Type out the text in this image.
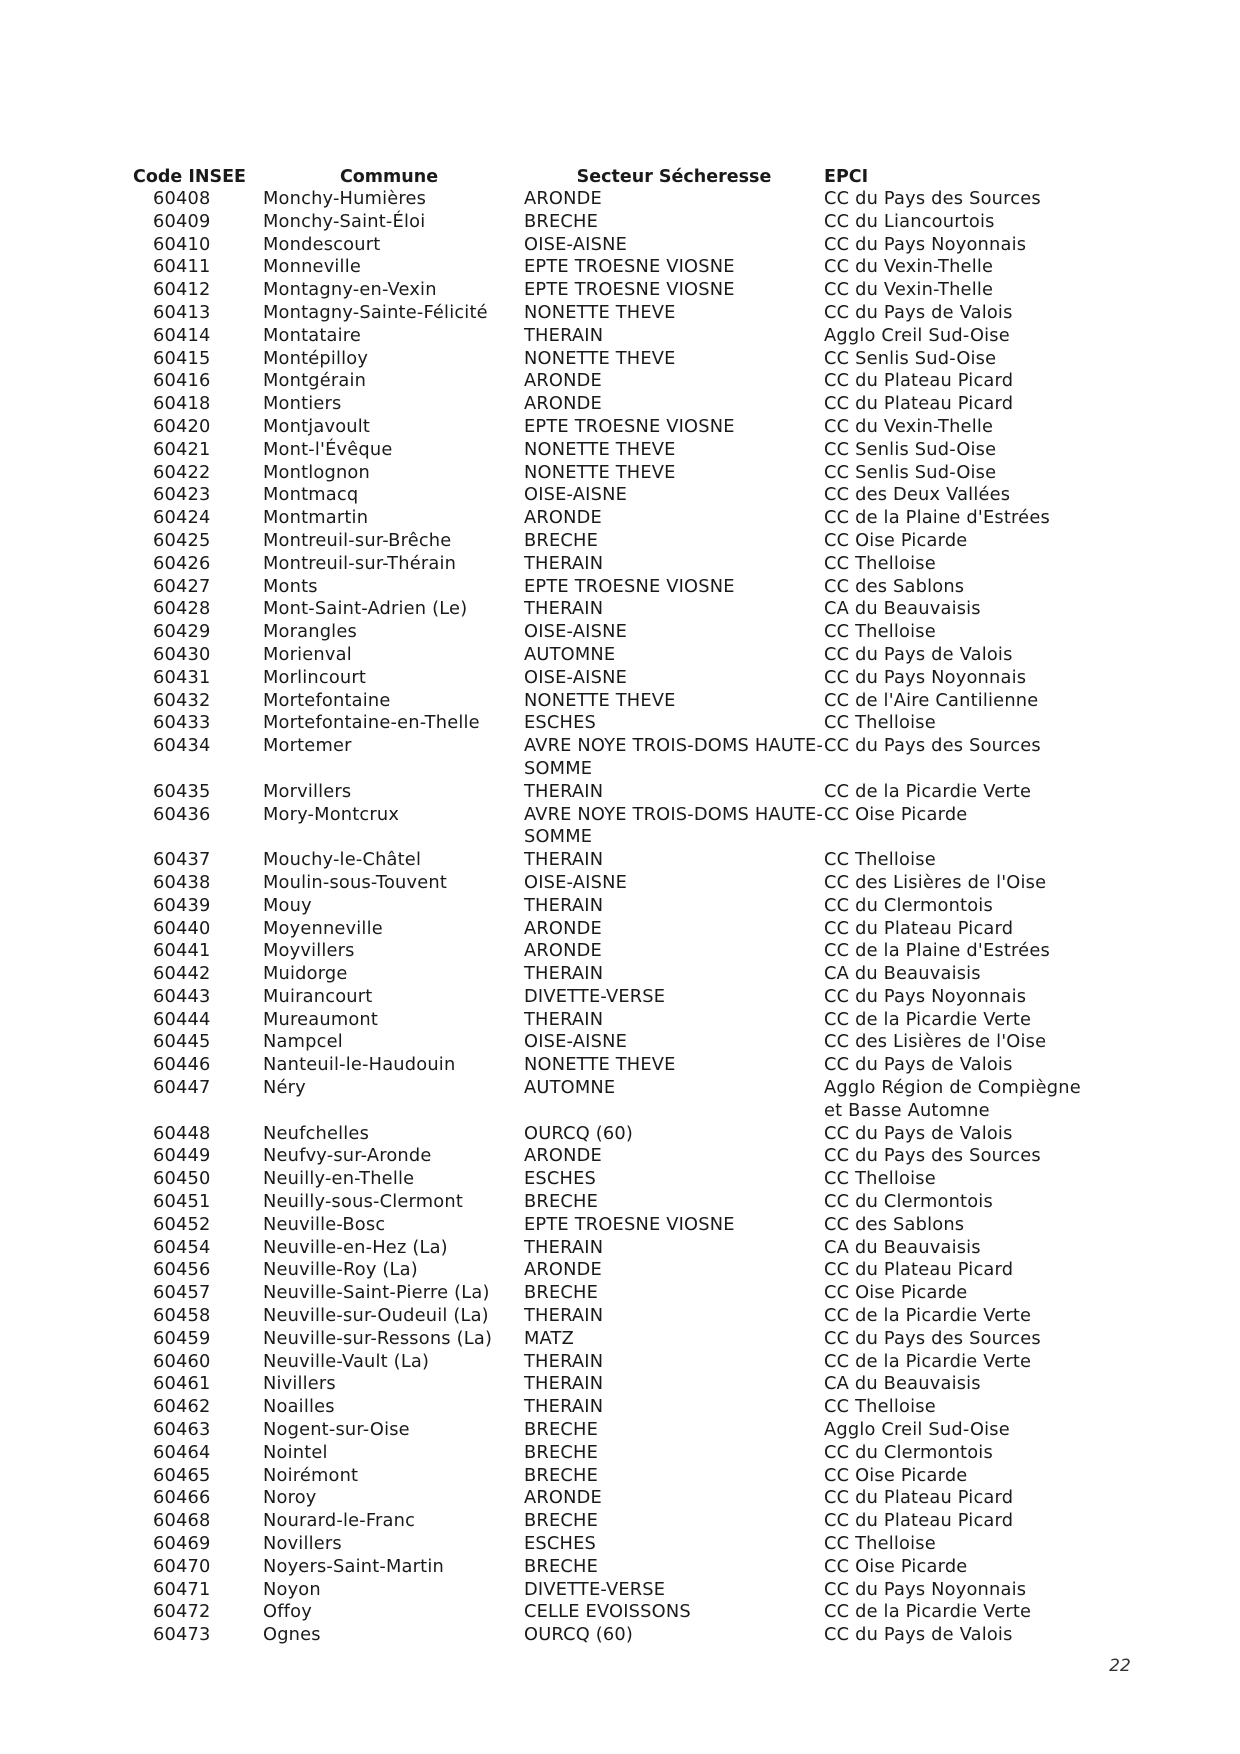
Code INSEE	Commune	Secteur Sécheresse	EPCI
60408	Monchy-Humières	ARONDE	CC du Pays des Sources
60409	Monchy-Saint-Éloi	BRECHE	CC du Liancourtois
60410	Mondescourt	OISE-AISNE	CC du Pays Noyonnais
60411	Monneville	EPTE TROESNE VIOSNE	CC du Vexin-Thelle
60412	Montagny-en-Vexin	EPTE TROESNE VIOSNE	CC du Vexin-Thelle
60413	Montagny-Sainte-Félicité	NONETTE THEVE	CC du Pays de Valois
60414	Montataire	THERAIN	Agglo Creil Sud-Oise
60415	Montépilloy	NONETTE THEVE	CC Senlis Sud-Oise
60416	Montgérain	ARONDE	CC du Plateau Picard
60418	Montiers	ARONDE	CC du Plateau Picard
60420	Montjavoult	EPTE TROESNE VIOSNE	CC du Vexin-Thelle
60421	Mont-l'Évêque	NONETTE THEVE	CC Senlis Sud-Oise
60422	Montlognon	NONETTE THEVE	CC Senlis Sud-Oise
60423	Montmacq	OISE-AISNE	CC des Deux Vallées
60424	Montmartin	ARONDE	CC de la Plaine d'Estrées
60425	Montreuil-sur-Brêche	BRECHE	CC Oise Picarde
60426	Montreuil-sur-Thérain	THERAIN	CC Thelloise
60427	Monts	EPTE TROESNE VIOSNE	CC des Sablons
60428	Mont-Saint-Adrien (Le)	THERAIN	CA du Beauvaisis
60429	Morangles	OISE-AISNE	CC Thelloise
60430	Morienval	AUTOMNE	CC du Pays de Valois
60431	Morlincourt	OISE-AISNE	CC du Pays Noyonnais
60432	Mortefontaine	NONETTE THEVE	CC de l'Aire Cantilienne
60433	Mortefontaine-en-Thelle	ESCHES	CC Thelloise
60434	Mortemer	AVRE NOYE TROIS-DOMS HAUTE-SOMME	CC du Pays des Sources
60435	Morvillers	THERAIN	CC de la Picardie Verte
60436	Mory-Montcrux	AVRE NOYE TROIS-DOMS HAUTE-SOMME	CC Oise Picarde
60437	Mouchy-le-Châtel	THERAIN	CC Thelloise
60438	Moulin-sous-Touvent	OISE-AISNE	CC des Lisières de l'Oise
60439	Mouy	THERAIN	CC du Clermontois
60440	Moyenneville	ARONDE	CC du Plateau Picard
60441	Moyvillers	ARONDE	CC de la Plaine d'Estrées
60442	Muidorge	THERAIN	CA du Beauvaisis
60443	Muirancourt	DIVETTE-VERSE	CC du Pays Noyonnais
60444	Mureaumont	THERAIN	CC de la Picardie Verte
60445	Nampcel	OISE-AISNE	CC des Lisières de l'Oise
60446	Nanteuil-le-Haudouin	NONETTE THEVE	CC du Pays de Valois
60447	Néry	AUTOMNE	Agglo Région de Compiègne et Basse Automne
60448	Neufchelles	OURCQ (60)	CC du Pays de Valois
60449	Neufvy-sur-Aronde	ARONDE	CC du Pays des Sources
60450	Neuilly-en-Thelle	ESCHES	CC Thelloise
60451	Neuilly-sous-Clermont	BRECHE	CC du Clermontois
60452	Neuville-Bosc	EPTE TROESNE VIOSNE	CC des Sablons
60454	Neuville-en-Hez (La)	THERAIN	CA du Beauvaisis
60456	Neuville-Roy (La)	ARONDE	CC du Plateau Picard
60457	Neuville-Saint-Pierre (La)	BRECHE	CC Oise Picarde
60458	Neuville-sur-Oudeuil (La)	THERAIN	CC de la Picardie Verte
60459	Neuville-sur-Ressons (La)	MATZ	CC du Pays des Sources
60460	Neuville-Vault (La)	THERAIN	CC de la Picardie Verte
60461	Nivillers	THERAIN	CA du Beauvaisis
60462	Noailles	THERAIN	CC Thelloise
60463	Nogent-sur-Oise	BRECHE	Agglo Creil Sud-Oise
60464	Nointel	BRECHE	CC du Clermontois
60465	Noirémont	BRECHE	CC Oise Picarde
60466	Noroy	ARONDE	CC du Plateau Picard
60468	Nourard-le-Franc	BRECHE	CC du Plateau Picard
60469	Novillers	ESCHES	CC Thelloise
60470	Noyers-Saint-Martin	BRECHE	CC Oise Picarde
60471	Noyon	DIVETTE-VERSE	CC du Pays Noyonnais
60472	Offoy	CELLE EVOISSONS	CC de la Picardie Verte
60473	Ognes	OURCQ (60)	CC du Pays de Valois
22
